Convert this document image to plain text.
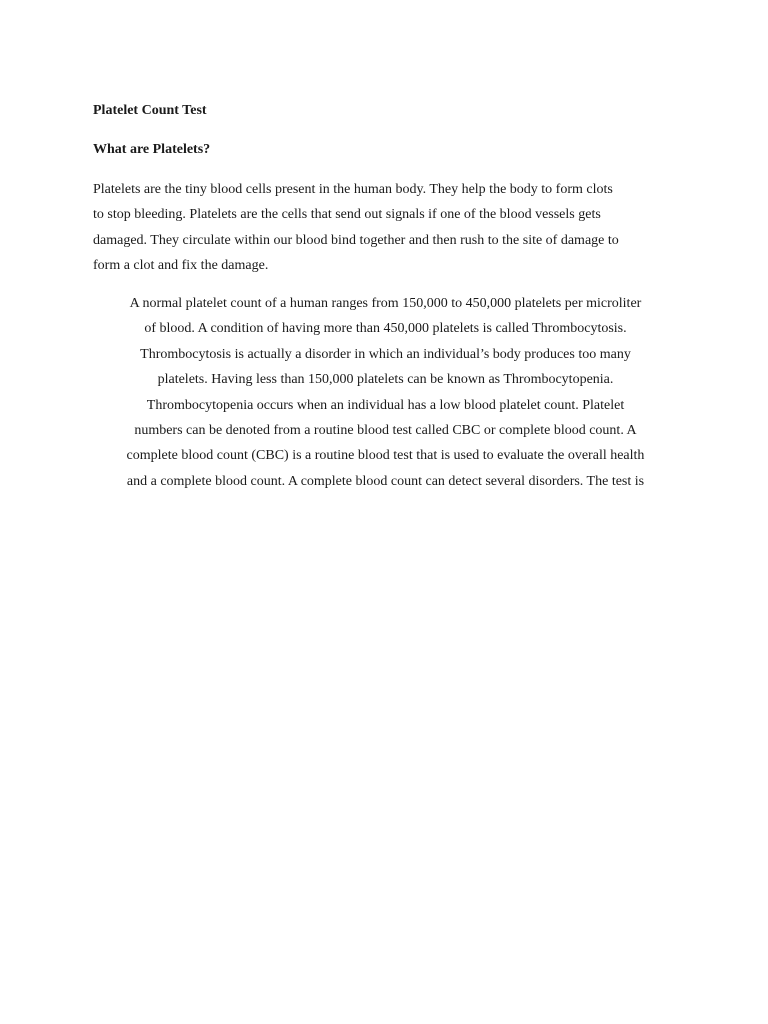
Platelet Count Test
What are Platelets?

Platelets are the tiny blood cells present in the human body. They help the body to form clots
to stop bleeding. Platelets are the cells that send out signals if one of the blood vessels gets
damaged. They circulate within our blood bind together and then rush to the site of damage to
form a clot and fix the damage.

A normal platelet count of a human ranges from 150,000 to 450,000 platelets per microliter
of blood. A condition of having more than 450,000 platelets is called Thrombocytosis.
Thrombocytosis is actually a disorder in which an individual’s body produces too many
platelets. Having less than 150,000 platelets can be known as Thrombocytopenia.
Thrombocytopenia occurs when an individual has a low blood platelet count. Platelet
numbers can be denoted from a routine blood test called CBC or complete blood count. A
complete blood count (CBC) is a routine blood test that is used to evaluate the overall health
and a complete blood count. A complete blood count can detect several disorders. The test is
